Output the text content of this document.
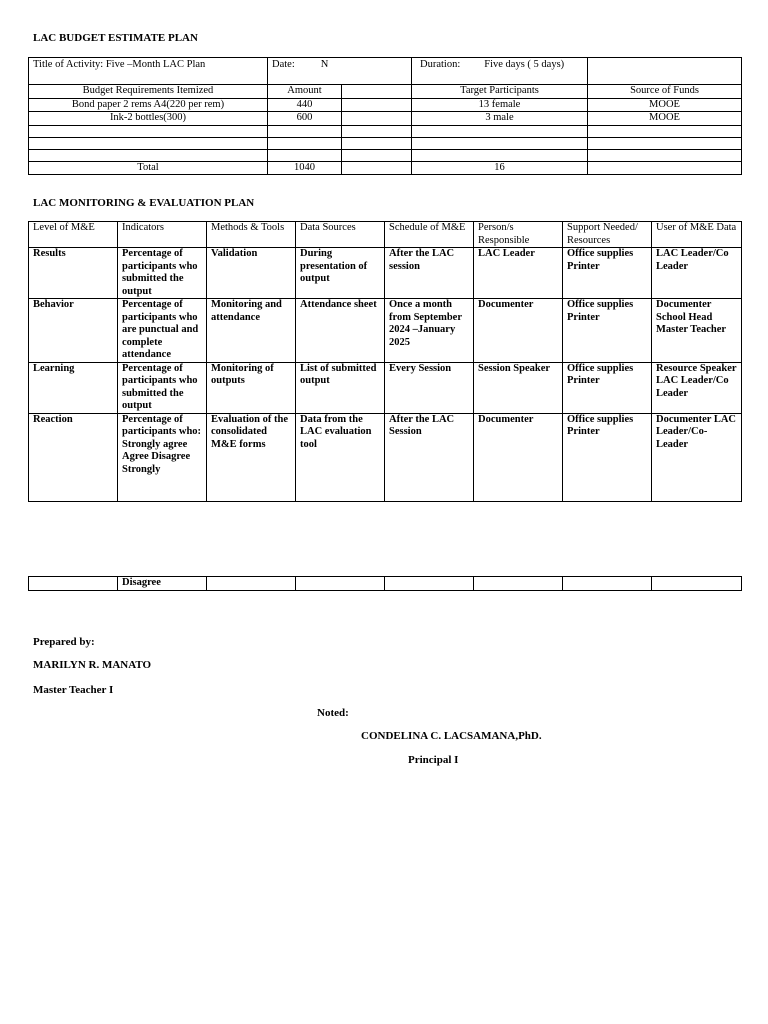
LAC BUDGET ESTIMATE PLAN
Title of Activity: Five –Month LAC Plan	Date: N		Duration: Five days ( 5 days)	
Budget Requirements Itemized	Amount		Target Participants	Source of Funds
Bond paper 2 rems A4(220 per rem)	440		13 female	MOOE
Ink-2 bottles(300)	600		3 male	MOOE

Total	1040		16	
LAC MONITORING & EVALUATION PLAN
Level of M&E	Indicators	Methods & Tools	Data Sources	Schedule of M&E	Person/s Responsible	Support Needed/ Resources	User of M&E Data
Results	Percentage of participants who submitted the output	Validation	During presentation of output	After the LAC session	LAC Leader	Office supplies Printer	LAC Leader/Co Leader
Behavior	Percentage of participants who are punctual and complete attendance	Monitoring and attendance	Attendance sheet	Once a month from September 2024 –January 2025	Documenter	Office supplies Printer	Documenter School Head Master Teacher
Learning	Percentage of participants who submitted the output	Monitoring of outputs	List of submitted output	Every Session	Session Speaker	Office supplies Printer	Resource Speaker LAC Leader/Co Leader
Reaction	Percentage of participants who: Strongly agree Agree Disagree Strongly	Evaluation of the consolidated M&E forms	Data from the LAC evaluation tool	After the LAC Session	Documenter	Office supplies Printer	Documenter LAC Leader/Co-Leader
	Disagree						
Prepared by:
MARILYN R. MANATO
Master Teacher I
Noted:
CONDELINA C. LACSAMANA,PhD.
Principal I
